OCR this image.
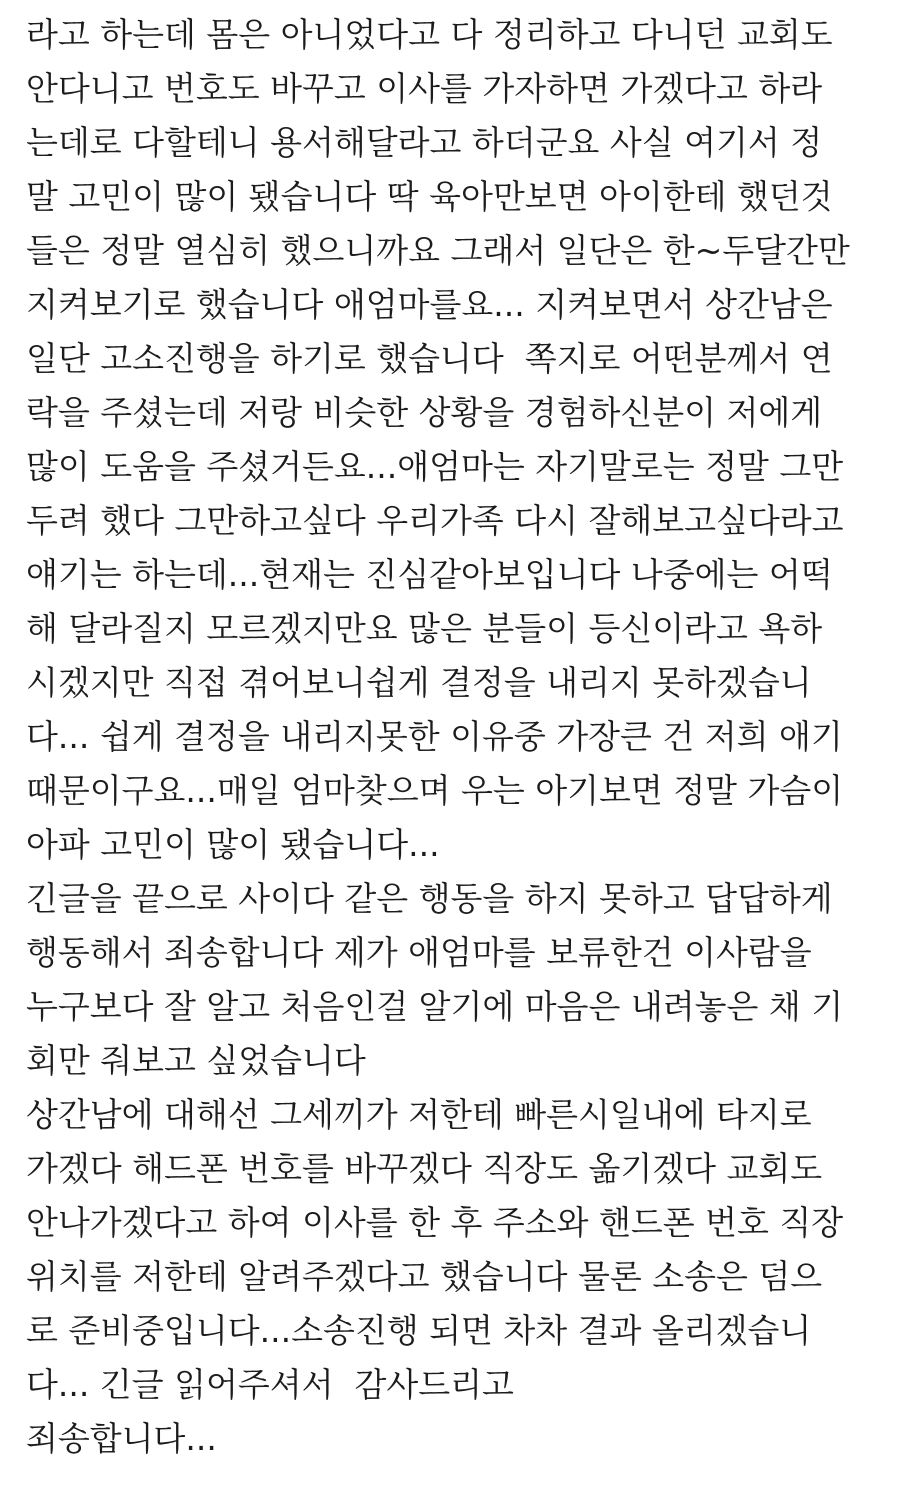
라고 하는데 몸은 아니었다고 다 정리하고 다니던 교회도
안다니고 번호도 바꾸고 이사를 가자하면 가겠다고 하라
는데로 다할테니 용서해달라고 하더군요 사실 여기서 정
말 고민이 많이 됐습니다 딱 육아만보면 아이한테 했던것
들은 정말 열심히 했으니까요 그래서 일단은 한~두달간만
지켜보기로 했습니다 애엄마를요... 지켜보면서 상간남은
일단 고소진행을 하기로 했습니다  쪽지로 어떤분께서 연
락을 주셨는데 저랑 비슷한 상황을 경험하신분이 저에게
많이 도움을 주셨거든요...애엄마는 자기말로는 정말 그만
두려 했다 그만하고싶다 우리가족 다시 잘해보고싶다라고
얘기는 하는데...현재는 진심같아보입니다 나중에는 어떡
해 달라질지 모르겠지만요 많은 분들이 등신이라고 욕하
시겠지만 직접 겪어보니쉽게 결정을 내리지 못하겠습니
다... 쉽게 결정을 내리지못한 이유중 가장큰 건 저희 애기
때문이구요...매일 엄마찾으며 우는 아기보면 정말 가슴이
아파 고민이 많이 됐습니다...
긴글을 끝으로 사이다 같은 행동을 하지 못하고 답답하게
행동해서 죄송합니다 제가 애엄마를 보류한건 이사람을
누구보다 잘 알고 처음인걸 알기에 마음은 내려놓은 채 기
회만 줘보고 싶었습니다
상간남에 대해선 그세끼가 저한테 빠른시일내에 타지로
가겠다 해드폰 번호를 바꾸겠다 직장도 옮기겠다 교회도
안나가겠다고 하여 이사를 한 후 주소와 핸드폰 번호 직장
위치를 저한테 알려주겠다고 했습니다 물론 소송은 덤으
로 준비중입니다...소송진행 되면 차차 결과 올리겠습니
다... 긴글 읽어주셔서  감사드리고
죄송합니다...
